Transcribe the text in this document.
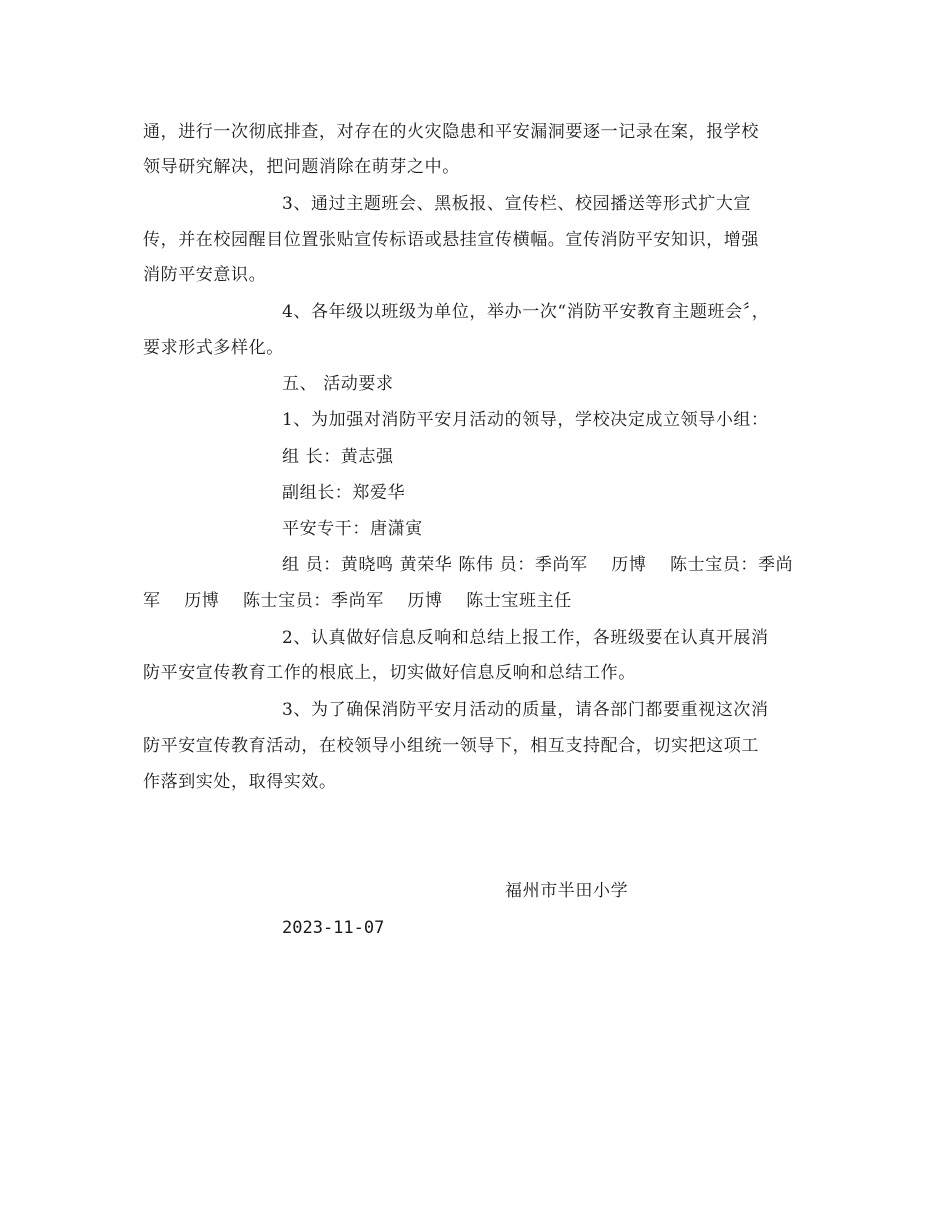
通，进行一次彻底排查，对存在的火灾隐患和平安漏洞要逐一记录在案，报学校
领导研究解决，把问题消除在萌芽之中。
3、通过主题班会、黑板报、宣传栏、校园播送等形式扩大宣
传，并在校园醒目位置张贴宣传标语或悬挂宣传横幅。宣传消防平安知识，增强
消防平安意识。
4、各年级以班级为单位，举办一次“消防平安教育主题班会〞，
要求形式多样化。
五、 活动要求
1、为加强对消防平安月活动的领导，学校决定成立领导小组：
组 长：黄志强
副组长：郑爱华
平安专干：唐潇寅
组 员：黄晓鸣 黄荣华 陈伟 员：季尚军　 历博　 陈士宝员：季尚
军　 历博　 陈士宝员：季尚军　 历博　 陈士宝班主任
2、认真做好信息反响和总结上报工作，各班级要在认真开展消
防平安宣传教育工作的根底上，切实做好信息反响和总结工作。
3、为了确保消防平安月活动的质量，请各部门都要重视这次消
防平安宣传教育活动，在校领导小组统一领导下，相互支持配合，切实把这项工
作落到实处，取得实效。
福州市半田小学
2023-11-07
